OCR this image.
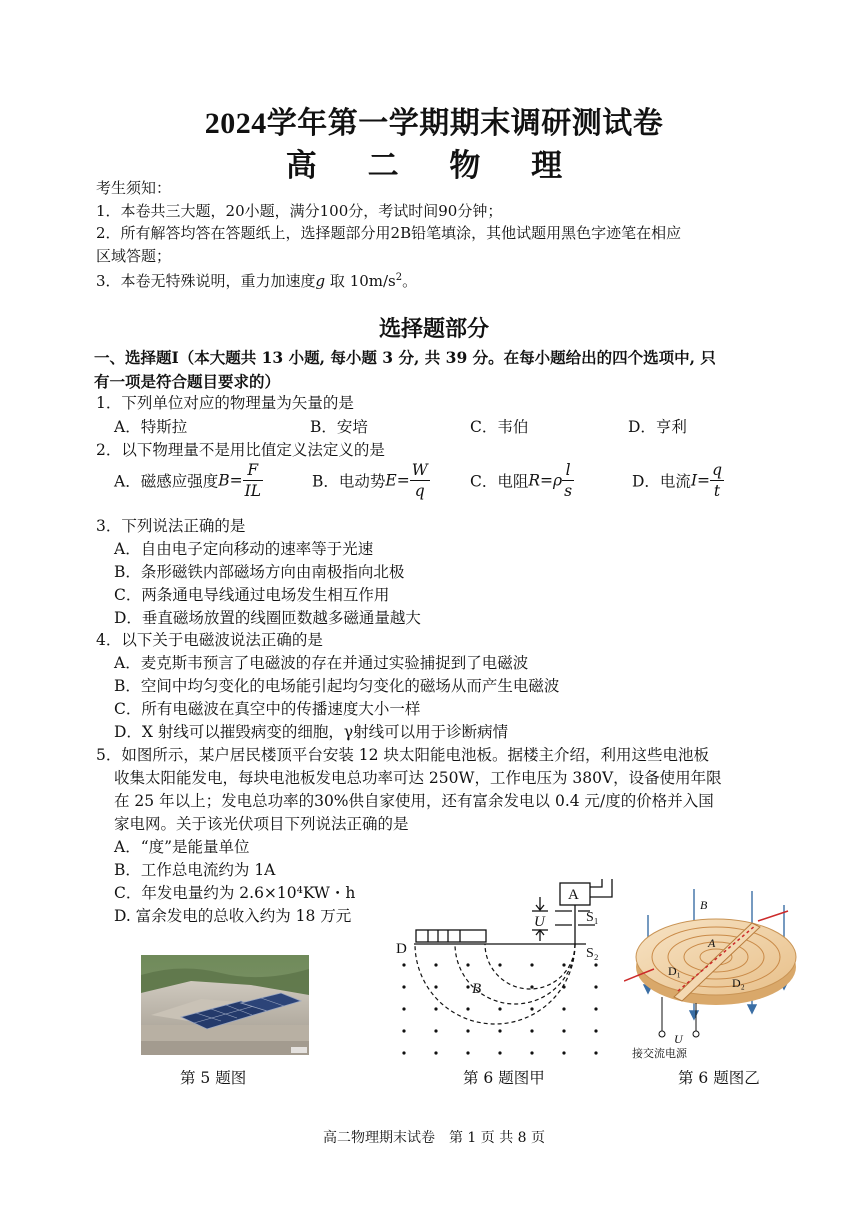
2024学年第一学期期末调研测试卷
高 二 物 理
考生须知：
1．本卷共三大题，20小题，满分100分，考试时间90分钟；
2．所有解答均答在答题纸上，选择题部分用2B铅笔填涂，其他试题用黑色字迹笔在相应
区域答题；
3．本卷无特殊说明，重力加速度g 取 $10m/s^2$。
选择题部分
一、选择题Ⅰ（本大题共 13 小题, 每小题 3 分, 共 39 分。在每小题给出的四个选项中, 只
有一项是符合题目要求的）
1．下列单位对应的物理量为矢量的是
A．特斯拉	B．安培	C．韦伯	D．亨利
2．以下物理量不是用比值定义法定义的是
A．磁感应强度$B= \frac{F}{IL}$	B．电动势$E= \frac{W}{q}$	C．电阻$R=\rho \frac{l}{s}$	D．电流$I= \frac{q}{t}$
3．下列说法正确的是
A．自由电子定向移动的速率等于光速
B．条形磁铁内部磁场方向由南极指向北极
C．两条通电导线通过电场发生相互作用
D．垂直磁场放置的线圈匝数越多磁通量越大
4．以下关于电磁波说法正确的是
A．麦克斯韦预言了电磁波的存在并通过实验捕捉到了电磁波
B．空间中均匀变化的电场能引起均匀变化的磁场从而产生电磁波
C．所有电磁波在真空中的传播速度大小一样
D．X 射线可以摧毁病变的细胞，γ射线可以用于诊断病情
5．如图所示，某户居民楼顶平台安装 12 块太阳能电池板。据楼主介绍，利用这些电池板
收集太阳能发电，每块电池板发电总功率可达 250W，工作电压为 380V，设备使用年限
在 25 年以上；发电总功率的30%供自家使用，还有富余发电以 0.4 元/度的价格并入国
家电网。关于该光伏项目下列说法正确的是
A．“度”是能量单位
B．工作总电流约为 1A
C．年发电量约为 2.6×10⁴KW・h
D. 富余发电的总收入约为 18 万元
第 5 题图
A
U	S₁
S₂
D
B
第 6 题图甲
B
A
D₁
D₂
U
接交流电源
第 6 题图乙
高二物理期末试卷　第 1 页 共 8 页
